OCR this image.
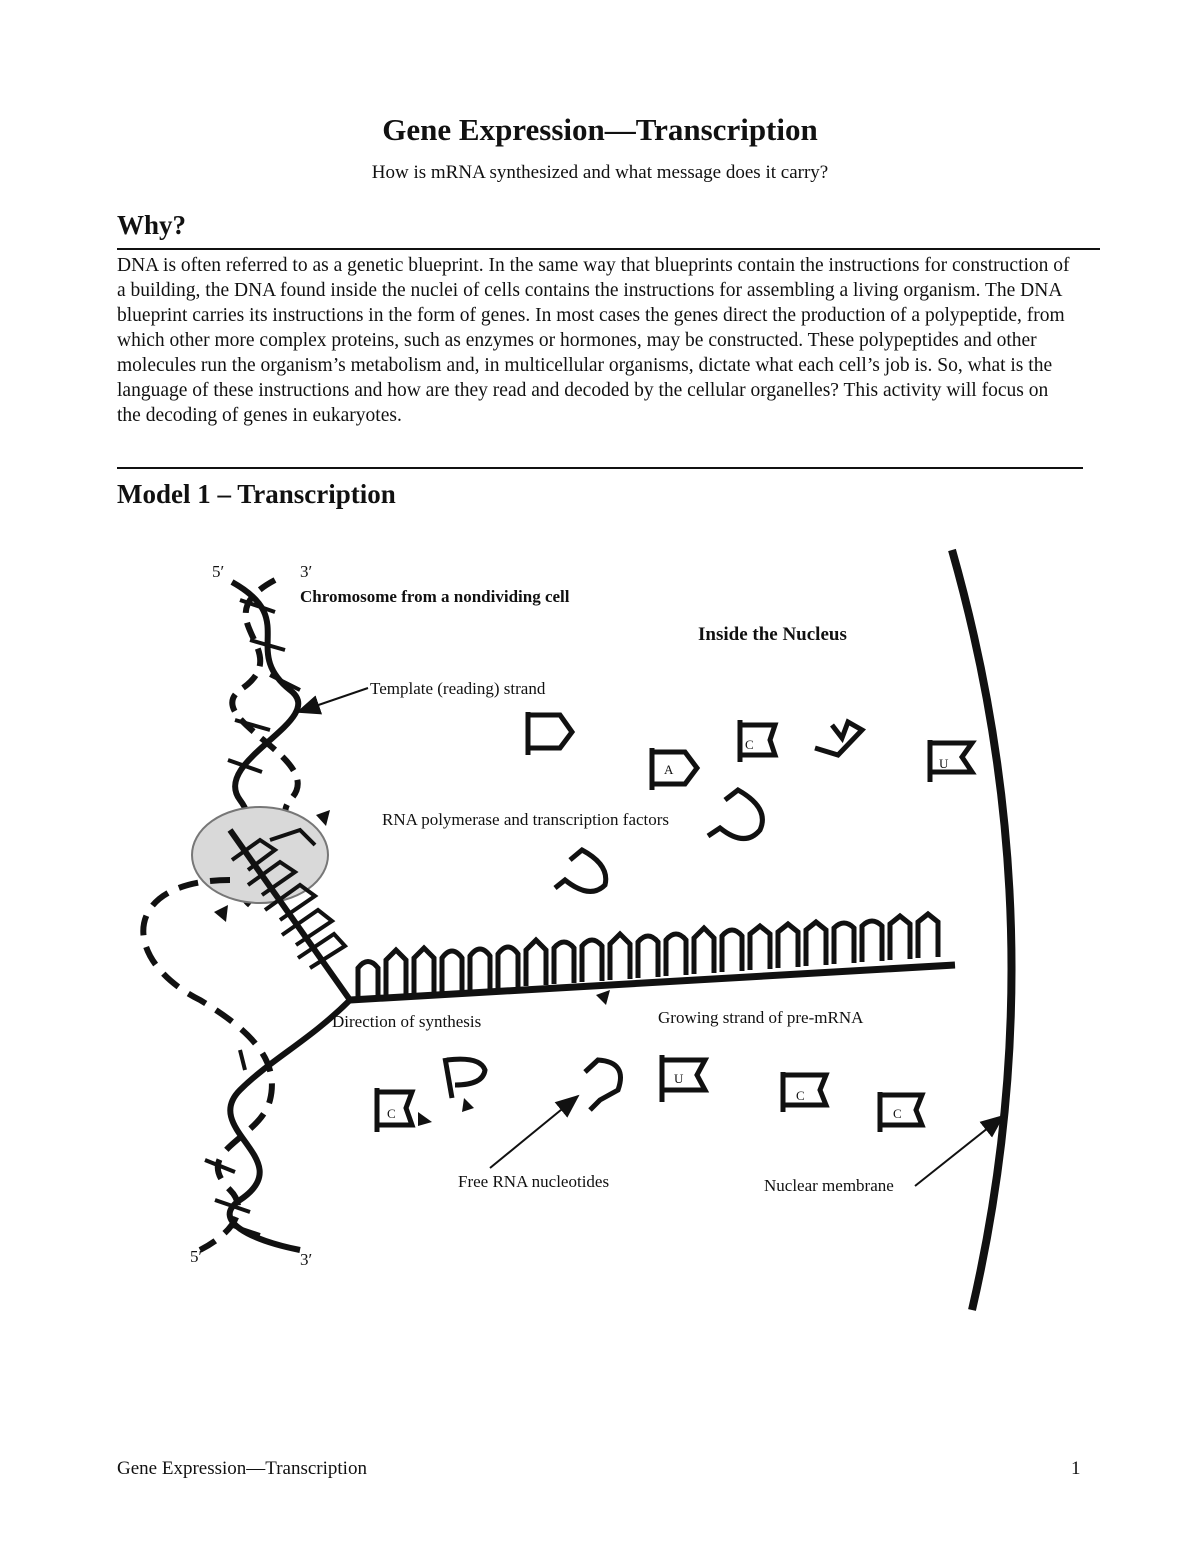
Gene Expression—Transcription
How is mRNA synthesized and what message does it carry?
Why?
DNA is often referred to as a genetic blueprint. In the same way that blueprints contain the instructions for construction of a building, the DNA found inside the nuclei of cells contains the instructions for assembling a living organism. The DNA blueprint carries its instructions in the form of genes. In most cases the genes direct the production of a polypeptide, from which other more complex proteins, such as enzymes or hormones, may be constructed. These polypeptides and other molecules run the organism’s metabolism and, in multicellular organisms, dictate what each cell’s job is. So, what is the language of these instructions and how are they read and decoded by the cellular organelles? This activity will focus on the decoding of genes in eukaryotes.
Model 1 – Transcription
C
A	U
C
U
C
C
5′	3′
Chromosome from a nondividing cell
Inside the Nucleus
Template (reading) strand
RNA polymerase and transcription factors
Direction of synthesis	Growing strand of pre-mRNA
Free RNA nucleotides	Nuclear membrane
5′	3′
Gene Expression—Transcription	1
